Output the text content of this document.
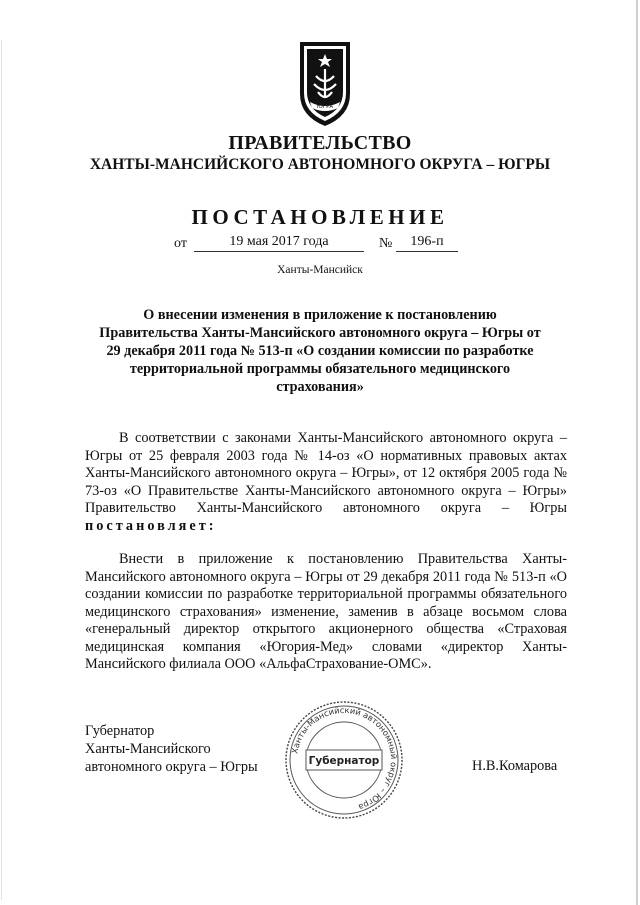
ЮГРА
ПРАВИТЕЛЬСТВО
ХАНТЫ-МАНСИЙСКОГО АВТОНОМНОГО ОКРУГА – ЮГРЫ
ПОСТАНОВЛЕНИЕ
от	19 мая 2017 года	№	196-п
Ханты-Мансийск
О внесении изменения в приложение к постановлению Правительства Ханты-Мансийского автономного округа – Югры от 29 декабря 2011 года № 513-п «О создании комиссии по разработке территориальной программы обязательного медицинского страхования»
В соответствии с законами Ханты-Мансийского автономного округа – Югры от 25 февраля 2003 года № 14-оз «О нормативных правовых актах Ханты-Мансийского автономного округа – Югры», от 12 октября 2005 года № 73-оз «О Правительстве Ханты-Мансийского автономного округа – Югры» Правительство Ханты-Мансийского автономного округа – Югры постановляет:
Внести в приложение к постановлению Правительства Ханты-Мансийского автономного округа – Югры от 29 декабря 2011 года № 513-п «О создании комиссии по разработке территориальной программы обязательного медицинского страхования» изменение, заменив в абзаце восьмом слова «генеральный директор открытого акционерного общества «Страховая медицинская компания «Югория-Мед» словами «директор Ханты-Мансийского филиала ООО «АльфаСтрахование-ОМС».
Губернатор
Ханты-Мансийского
автономного округа – Югры
Ханты-Мансийский автономный округ – Югра
Губернатор	Н.В.Комарова
